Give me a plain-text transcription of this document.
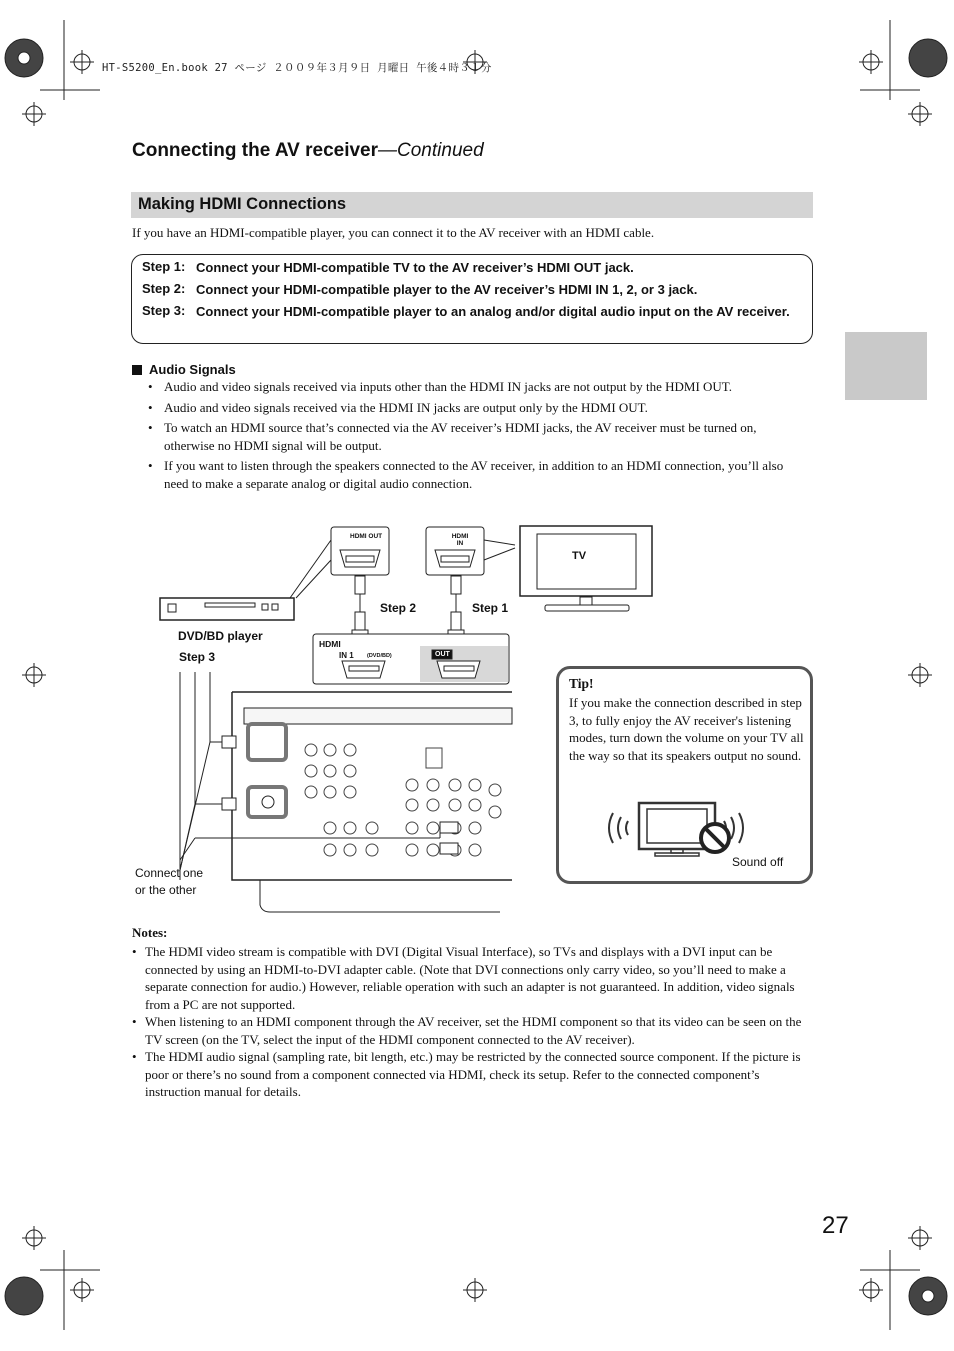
HT-S5200_En.book 27 ページ ２００９年３月９日 月曜日 午後４時３１分
Connecting the AV receiver—Continued
Making HDMI Connections
If you have an HDMI-compatible player, you can connect it to the AV receiver with an HDMI cable.
Step 1: Connect your HDMI-compatible TV to the AV receiver’s HDMI OUT jack.
Step 2: Connect your HDMI-compatible player to the AV receiver’s HDMI IN 1, 2, or 3 jack.
Step 3: Connect your HDMI-compatible player to an analog and/or digital audio input on the AV receiver.
Audio Signals
• Audio and video signals received via inputs other than the HDMI IN jacks are not output by the HDMI OUT.
• Audio and video signals received via the HDMI IN jacks are output only by the HDMI OUT.
• To watch an HDMI source that’s connected via the AV receiver’s HDMI jacks, the AV receiver must be turned on, otherwise no HDMI signal will be output.
• If you want to listen through the speakers connected to the AV receiver, in addition to an HDMI connection, you’ll also need to make a separate analog or digital audio connection.
HDMI OUT	HDMI IN
TV
Step 2	Step 1
DVD/BD player
Step 3
HDMI
IN 1 (DVD/BD)	OUT
Connect one
or the other
Tip!
If you make the connection described in step 3, to fully enjoy the AV receiver's listening modes, turn down the volume on your TV all the way so that its speakers output no sound.
Sound off
Notes:
• The HDMI video stream is compatible with DVI (Digital Visual Interface), so TVs and displays with a DVI input can be connected by using an HDMI-to-DVI adapter cable. (Note that DVI connections only carry video, so you’ll need to make a separate connection for audio.) However, reliable operation with such an adapter is not guaranteed. In addition, video signals from a PC are not supported.
• When listening to an HDMI component through the AV receiver, set the HDMI component so that its video can be seen on the TV screen (on the TV, select the input of the HDMI component connected to the AV receiver).
• The HDMI audio signal (sampling rate, bit length, etc.) may be restricted by the connected source component. If the picture is poor or there’s no sound from a component connected via HDMI, check its setup. Refer to the connected component’s instruction manual for details.
27
